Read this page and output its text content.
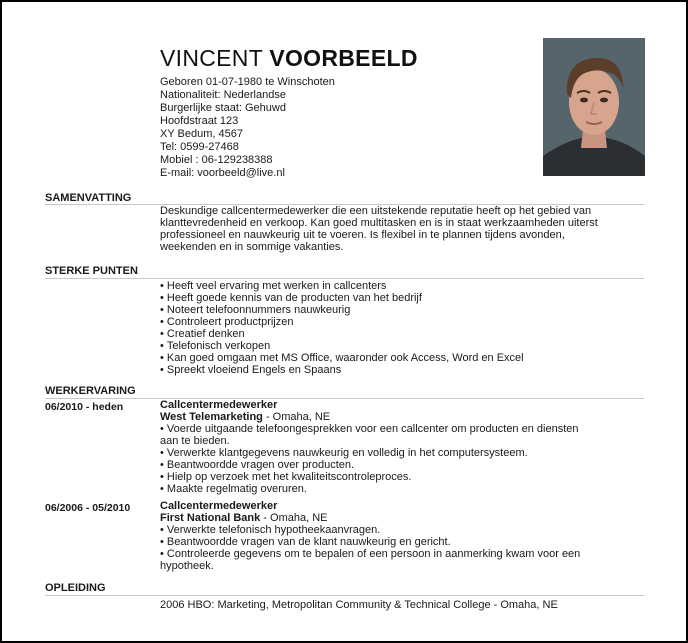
VINCENT VOORBEELD
Geboren 01-07-1980 te Winschoten
Nationaliteit: Nederlandse
Burgerlijke staat: Gehuwd
Hoofdstraat 123
XY Bedum, 4567
Tel: 0599-27468
Mobiel : 06-129238388
E-mail: voorbeeld@live.nl
SAMENVATTING
Deskundige callcentermedewerker die een uitstekende reputatie heeft op het gebied van
klanttevredenheid en verkoop. Kan goed multitasken en is in staat werkzaamheden uiterst
professioneel en nauwkeurig uit te voeren. Is flexibel in te plannen tijdens avonden,
weekenden en in sommige vakanties.
STERKE PUNTEN
• Heeft veel ervaring met werken in callcenters
• Heeft goede kennis van de producten van het bedrijf
• Noteert telefoonnummers nauwkeurig
• Controleert productprijzen
• Creatief denken
• Telefonisch verkopen
• Kan goed omgaan met MS Office, waaronder ook Access, Word en Excel
• Spreekt vloeiend Engels en Spaans
WERKERVARING
06/2010 - heden	Callcentermedewerker
West Telemarketing - Omaha, NE
• Voerde uitgaande telefoongesprekken voor een callcenter om producten en diensten
aan te bieden.
• Verwerkte klantgegevens nauwkeurig en volledig in het computersysteem.
• Beantwoordde vragen over producten.
• Hielp op verzoek met het kwaliteitscontroleproces.
• Maakte regelmatig overuren.
06/2006 - 05/2010	Callcentermedewerker
First National Bank - Omaha, NE
• Verwerkte telefonisch hypotheekaanvragen.
• Beantwoordde vragen van de klant nauwkeurig en gericht.
• Controleerde gegevens om te bepalen of een persoon in aanmerking kwam voor een
hypotheek.
OPLEIDING
2006 HBO: Marketing, Metropolitan Community & Technical College - Omaha, NE
